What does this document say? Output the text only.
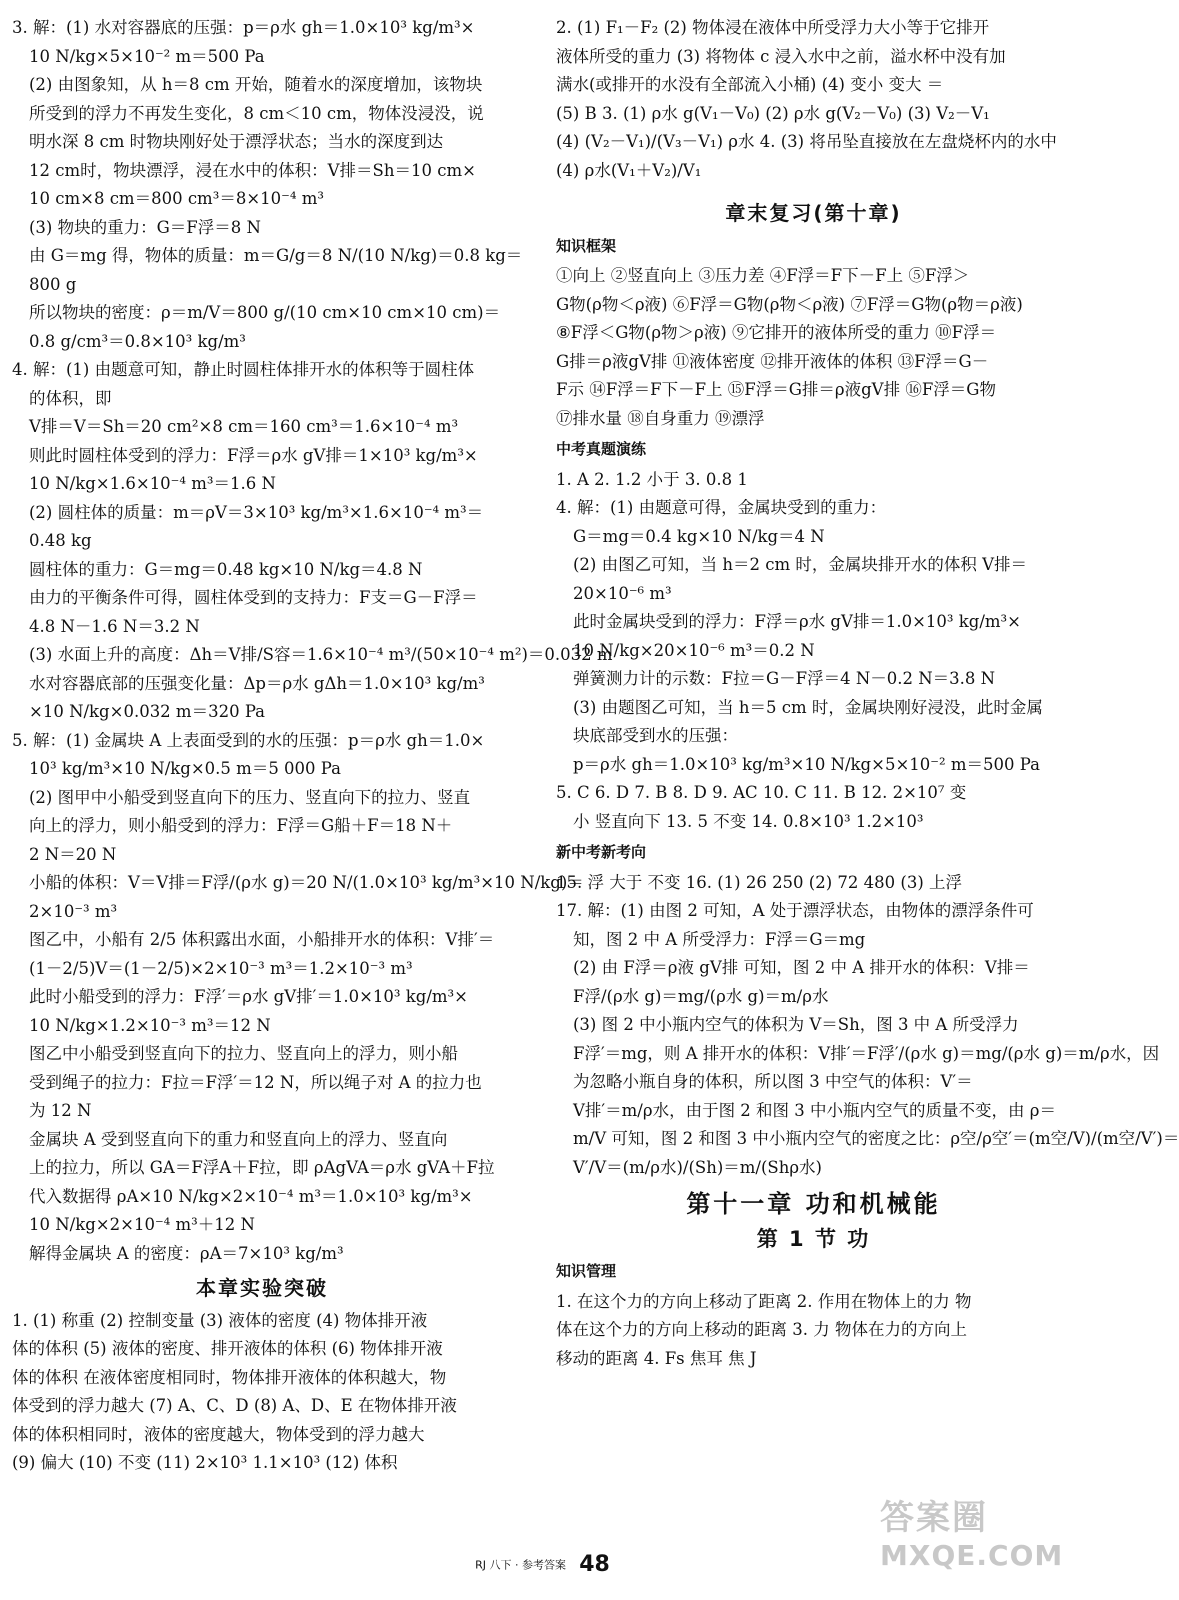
3. 解：(1) 水对容器底的压强：p＝ρ水 gh＝1.0×10³ kg/m³×
10 N/kg×5×10⁻² m＝500 Pa
(2) 由图象知，从 h＝8 cm 开始，随着水的深度增加，该物块
所受到的浮力不再发生变化，8 cm＜10 cm，物体没浸没，说
明水深 8 cm 时物块刚好处于漂浮状态；当水的深度到达
12 cm时，物块漂浮，浸在水中的体积：V排＝Sh＝10 cm×
10 cm×8 cm＝800 cm³＝8×10⁻⁴ m³
(3) 物块的重力：G＝F浮＝8 N
由 G＝mg 得，物体的质量：m＝G/g＝8 N/(10 N/kg)＝0.8 kg＝
800 g
所以物块的密度：ρ＝m/V＝800 g/(10 cm×10 cm×10 cm)＝
0.8 g/cm³＝0.8×10³ kg/m³
4. 解：(1) 由题意可知，静止时圆柱体排开水的体积等于圆柱体
的体积，即
V排＝V＝Sh＝20 cm²×8 cm＝160 cm³＝1.6×10⁻⁴ m³
则此时圆柱体受到的浮力：F浮＝ρ水 gV排＝1×10³ kg/m³×
10 N/kg×1.6×10⁻⁴ m³＝1.6 N
(2) 圆柱体的质量：m＝ρV＝3×10³ kg/m³×1.6×10⁻⁴ m³＝
0.48 kg
圆柱体的重力：G＝mg＝0.48 kg×10 N/kg＝4.8 N
由力的平衡条件可得，圆柱体受到的支持力：F支＝G－F浮＝
4.8 N－1.6 N＝3.2 N
(3) 水面上升的高度：Δh＝V排/S容＝1.6×10⁻⁴ m³/(50×10⁻⁴ m²)＝0.032 m
水对容器底部的压强变化量：Δp＝ρ水 gΔh＝1.0×10³ kg/m³
×10 N/kg×0.032 m＝320 Pa
5. 解：(1) 金属块 A 上表面受到的水的压强：p＝ρ水 gh＝1.0×
10³ kg/m³×10 N/kg×0.5 m＝5 000 Pa
(2) 图甲中小船受到竖直向下的压力、竖直向下的拉力、竖直
向上的浮力，则小船受到的浮力：F浮＝G船＋F＝18 N＋
2 N＝20 N
小船的体积：V＝V排＝F浮/(ρ水 g)＝20 N/(1.0×10³ kg/m³×10 N/kg)＝
2×10⁻³ m³
图乙中，小船有 2/5 体积露出水面，小船排开水的体积：V排′＝
(1－2/5)V＝(1－2/5)×2×10⁻³ m³＝1.2×10⁻³ m³
此时小船受到的浮力：F浮′＝ρ水 gV排′＝1.0×10³ kg/m³×
10 N/kg×1.2×10⁻³ m³＝12 N
图乙中小船受到竖直向下的拉力、竖直向上的浮力，则小船
受到绳子的拉力：F拉＝F浮′＝12 N，所以绳子对 A 的拉力也
为 12 N
金属块 A 受到竖直向下的重力和竖直向上的浮力、竖直向
上的拉力，所以 GA＝F浮A＋F拉，即 ρAgVA＝ρ水 gVA＋F拉
代入数据得 ρA×10 N/kg×2×10⁻⁴ m³＝1.0×10³ kg/m³×
10 N/kg×2×10⁻⁴ m³＋12 N
解得金属块 A 的密度：ρA＝7×10³ kg/m³
本章实验突破
1. (1) 称重 (2) 控制变量 (3) 液体的密度 (4) 物体排开液
体的体积 (5) 液体的密度、排开液体的体积 (6) 物体排开液
体的体积 在液体密度相同时，物体排开液体的体积越大，物
体受到的浮力越大 (7) A、C、D (8) A、D、E 在物体排开液
体的体积相同时，液体的密度越大，物体受到的浮力越大
(9) 偏大 (10) 不变 (11) 2×10³ 1.1×10³ (12) 体积
2. (1) F₁－F₂ (2) 物体浸在液体中所受浮力大小等于它排开
液体所受的重力 (3) 将物体 c 浸入水中之前，溢水杯中没有加
满水(或排开的水没有全部流入小桶) (4) 变小 变大 ＝
(5) B 3. (1) ρ水 g(V₁－V₀) (2) ρ水 g(V₂－V₀) (3) V₂－V₁
(4) (V₂－V₁)/(V₃－V₁) ρ水 4. (3) 将吊坠直接放在左盘烧杯内的水中
(4) ρ水(V₁＋V₂)/V₁
章末复习(第十章)
知识框架
①向上 ②竖直向上 ③压力差 ④F浮＝F下－F上 ⑤F浮＞
G物(ρ物＜ρ液) ⑥F浮＝G物(ρ物＜ρ液) ⑦F浮＝G物(ρ物＝ρ液)
⑧F浮＜G物(ρ物＞ρ液) ⑨它排开的液体所受的重力 ⑩F浮＝
G排＝ρ液gV排 ⑪液体密度 ⑫排开液体的体积 ⑬F浮＝G－
F示 ⑭F浮＝F下－F上 ⑮F浮＝G排＝ρ液gV排 ⑯F浮＝G物
⑰排水量 ⑱自身重力 ⑲漂浮
中考真题演练
1. A 2. 1.2 小于 3. 0.8 1
4. 解：(1) 由题意可得，金属块受到的重力：
G＝mg＝0.4 kg×10 N/kg＝4 N
(2) 由图乙可知，当 h＝2 cm 时，金属块排开水的体积 V排＝
20×10⁻⁶ m³
此时金属块受到的浮力：F浮＝ρ水 gV排＝1.0×10³ kg/m³×
10 N/kg×20×10⁻⁶ m³＝0.2 N
弹簧测力计的示数：F拉＝G－F浮＝4 N－0.2 N＝3.8 N
(3) 由题图乙可知，当 h＝5 cm 时，金属块刚好浸没，此时金属
块底部受到水的压强：
p＝ρ水 gh＝1.0×10³ kg/m³×10 N/kg×5×10⁻² m＝500 Pa
5. C 6. D 7. B 8. D 9. AC 10. C 11. B 12. 2×10⁷ 变
小 竖直向下 13. 5 不变 14. 0.8×10³ 1.2×10³
新中考新考向
15. 浮 大于 不变 16. (1) 26 250 (2) 72 480 (3) 上浮
17. 解：(1) 由图 2 可知，A 处于漂浮状态，由物体的漂浮条件可
知，图 2 中 A 所受浮力：F浮＝G＝mg
(2) 由 F浮＝ρ液 gV排 可知，图 2 中 A 排开水的体积：V排＝
F浮/(ρ水 g)＝mg/(ρ水 g)＝m/ρ水
(3) 图 2 中小瓶内空气的体积为 V＝Sh，图 3 中 A 所受浮力
F浮′＝mg，则 A 排开水的体积：V排′＝F浮′/(ρ水 g)＝mg/(ρ水 g)＝m/ρ水，因
为忽略小瓶自身的体积，所以图 3 中空气的体积：V′＝
V排′＝m/ρ水，由于图 2 和图 3 中小瓶内空气的质量不变，由 ρ＝
m/V 可知，图 2 和图 3 中小瓶内空气的密度之比：ρ空/ρ空′＝(m空/V)/(m空/V′)＝
V′/V＝(m/ρ水)/(Sh)＝m/(Shρ水)
第十一章 功和机械能
第 1 节 功
知识管理
1. 在这个力的方向上移动了距离 2. 作用在物体上的力 物
体在这个力的方向上移动的距离 3. 力 物体在力的方向上
移动的距离 4. Fs 焦耳 焦 J
RJ 八下 · 参考答案 48
答案圈
MXQE.COM
